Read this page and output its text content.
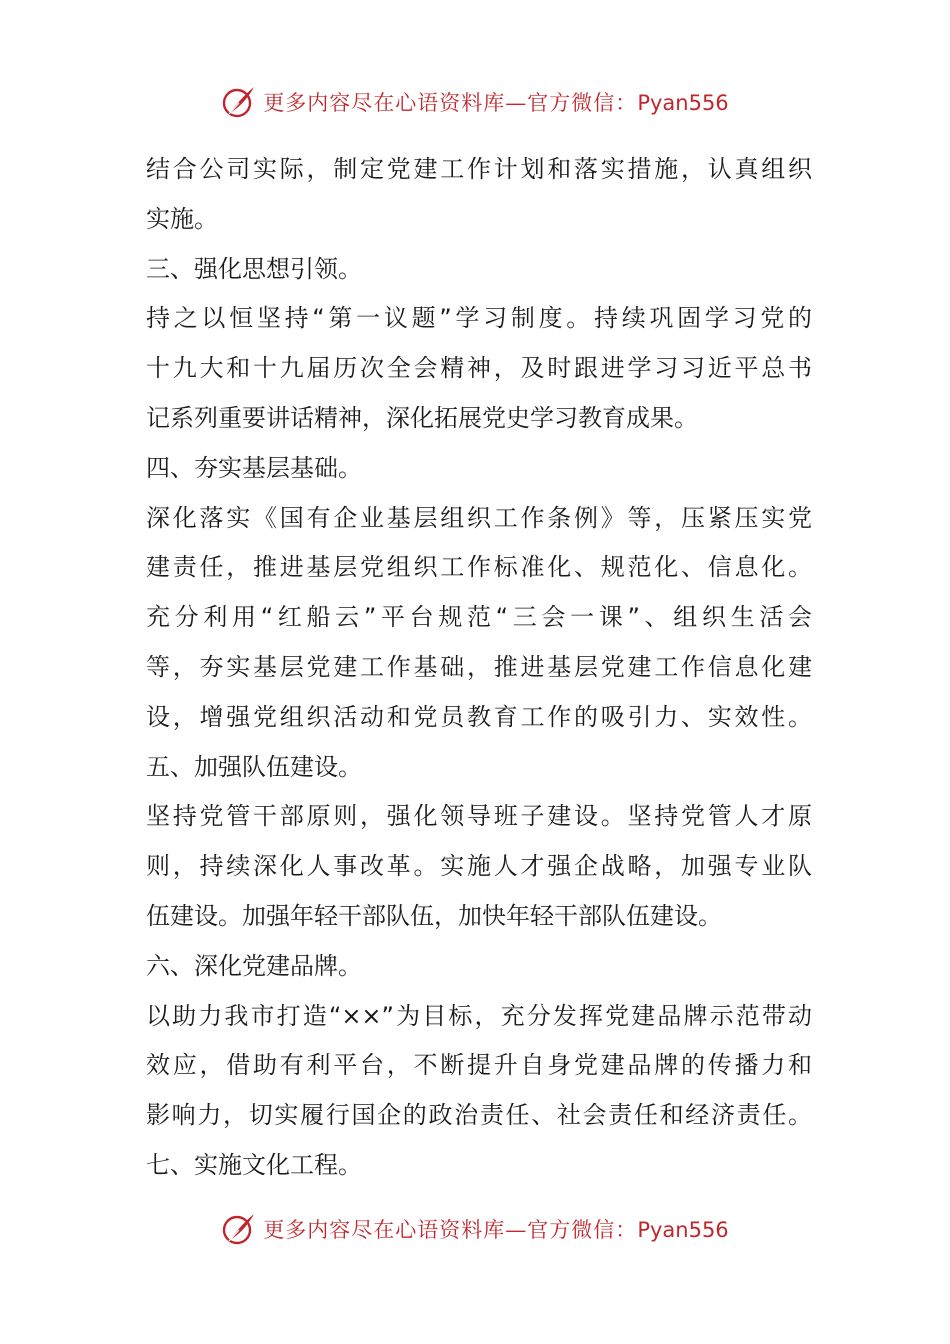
更多内容尽在心语资料库—官方微信：Pyan556
结合公司实际，制定党建工作计划和落实措施，认真组织
实施。
三、强化思想引领。
持之以恒坚持“第一议题”学习制度。持续巩固学习党的
十九大和十九届历次全会精神，及时跟进学习习近平总书
记系列重要讲话精神，深化拓展党史学习教育成果。
四、夯实基层基础。
深化落实《国有企业基层组织工作条例》等，压紧压实党
建责任，推进基层党组织工作标准化、规范化、信息化。
充分利用“红船云”平台规范“三会一课”、组织生活会
等，夯实基层党建工作基础，推进基层党建工作信息化建
设，增强党组织活动和党员教育工作的吸引力、实效性。
五、加强队伍建设。
坚持党管干部原则，强化领导班子建设。坚持党管人才原
则，持续深化人事改革。实施人才强企战略，加强专业队
伍建设。加强年轻干部队伍，加快年轻干部队伍建设。
六、深化党建品牌。
以助力我市打造“××”为目标，充分发挥党建品牌示范带动
效应，借助有利平台，不断提升自身党建品牌的传播力和
影响力，切实履行国企的政治责任、社会责任和经济责任。
七、实施文化工程。
更多内容尽在心语资料库—官方微信：Pyan556
